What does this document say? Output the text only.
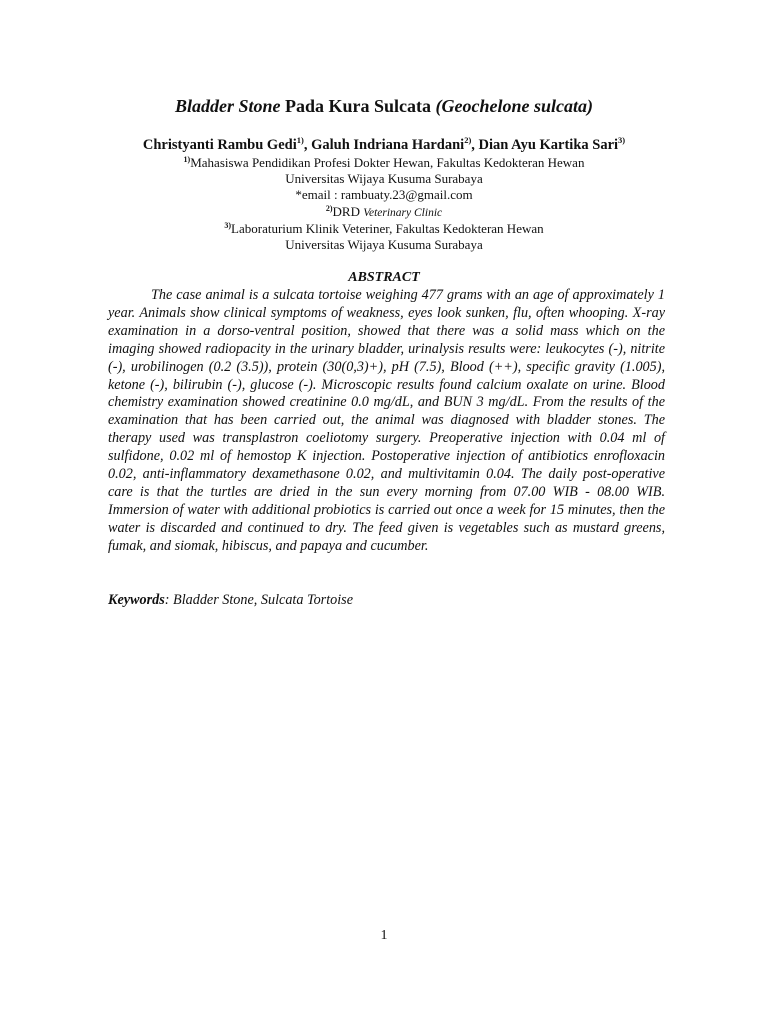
Bladder Stone Pada Kura Sulcata (Geochelone sulcata)
Christyanti Rambu Gedi$^{1)}$, Galuh Indriana Hardani$^{2)}$, Dian Ayu Kartika Sari$^{3)}$
$^{1)}$Mahasiswa Pendidikan Profesi Dokter Hewan, Fakultas Kedokteran Hewan
Universitas Wijaya Kusuma Surabaya
*email : rambuaty.23@gmail.com
$^{2)}$DRD Veterinary Clinic
$^{3)}$Laboraturium Klinik Veteriner, Fakultas Kedokteran Hewan
Universitas Wijaya Kusuma Surabaya
ABSTRACT

The case animal is a sulcata tortoise weighing 477 grams with an age of approximately 1 year. Animals show clinical symptoms of weakness, eyes look sunken, flu, often whooping. X-ray examination in a dorso-ventral position, showed that there was a solid mass which on the imaging showed radiopacity in the urinary bladder, urinalysis results were: leukocytes (-), nitrite (-), urobilinogen (0.2 (3.5)), protein (30(0,3)+), pH (7.5), Blood (++), specific gravity (1.005), ketone (-), bilirubin (-), glucose (-). Microscopic results found calcium oxalate on urine. Blood chemistry examination showed creatinine 0.0 mg/dL, and BUN 3 mg/dL. From the results of the examination that has been carried out, the animal was diagnosed with bladder stones. The therapy used was transplastron coeliotomy surgery. Preoperative injection with 0.04 ml of sulfidone, 0.02 ml of hemostop K injection. Postoperative injection of antibiotics enrofloxacin 0.02, anti-inflammatory dexamethasone 0.02, and multivitamin 0.04. The daily post-operative care is that the turtles are dried in the sun every morning from 07.00 WIB - 08.00 WIB. Immersion of water with additional probiotics is carried out once a week for 15 minutes, then the water is discarded and continued to dry. The feed given is vegetables such as mustard greens, fumak, and siomak, hibiscus, and papaya and cucumber.

Keywords: Bladder Stone, Sulcata Tortoise
1
